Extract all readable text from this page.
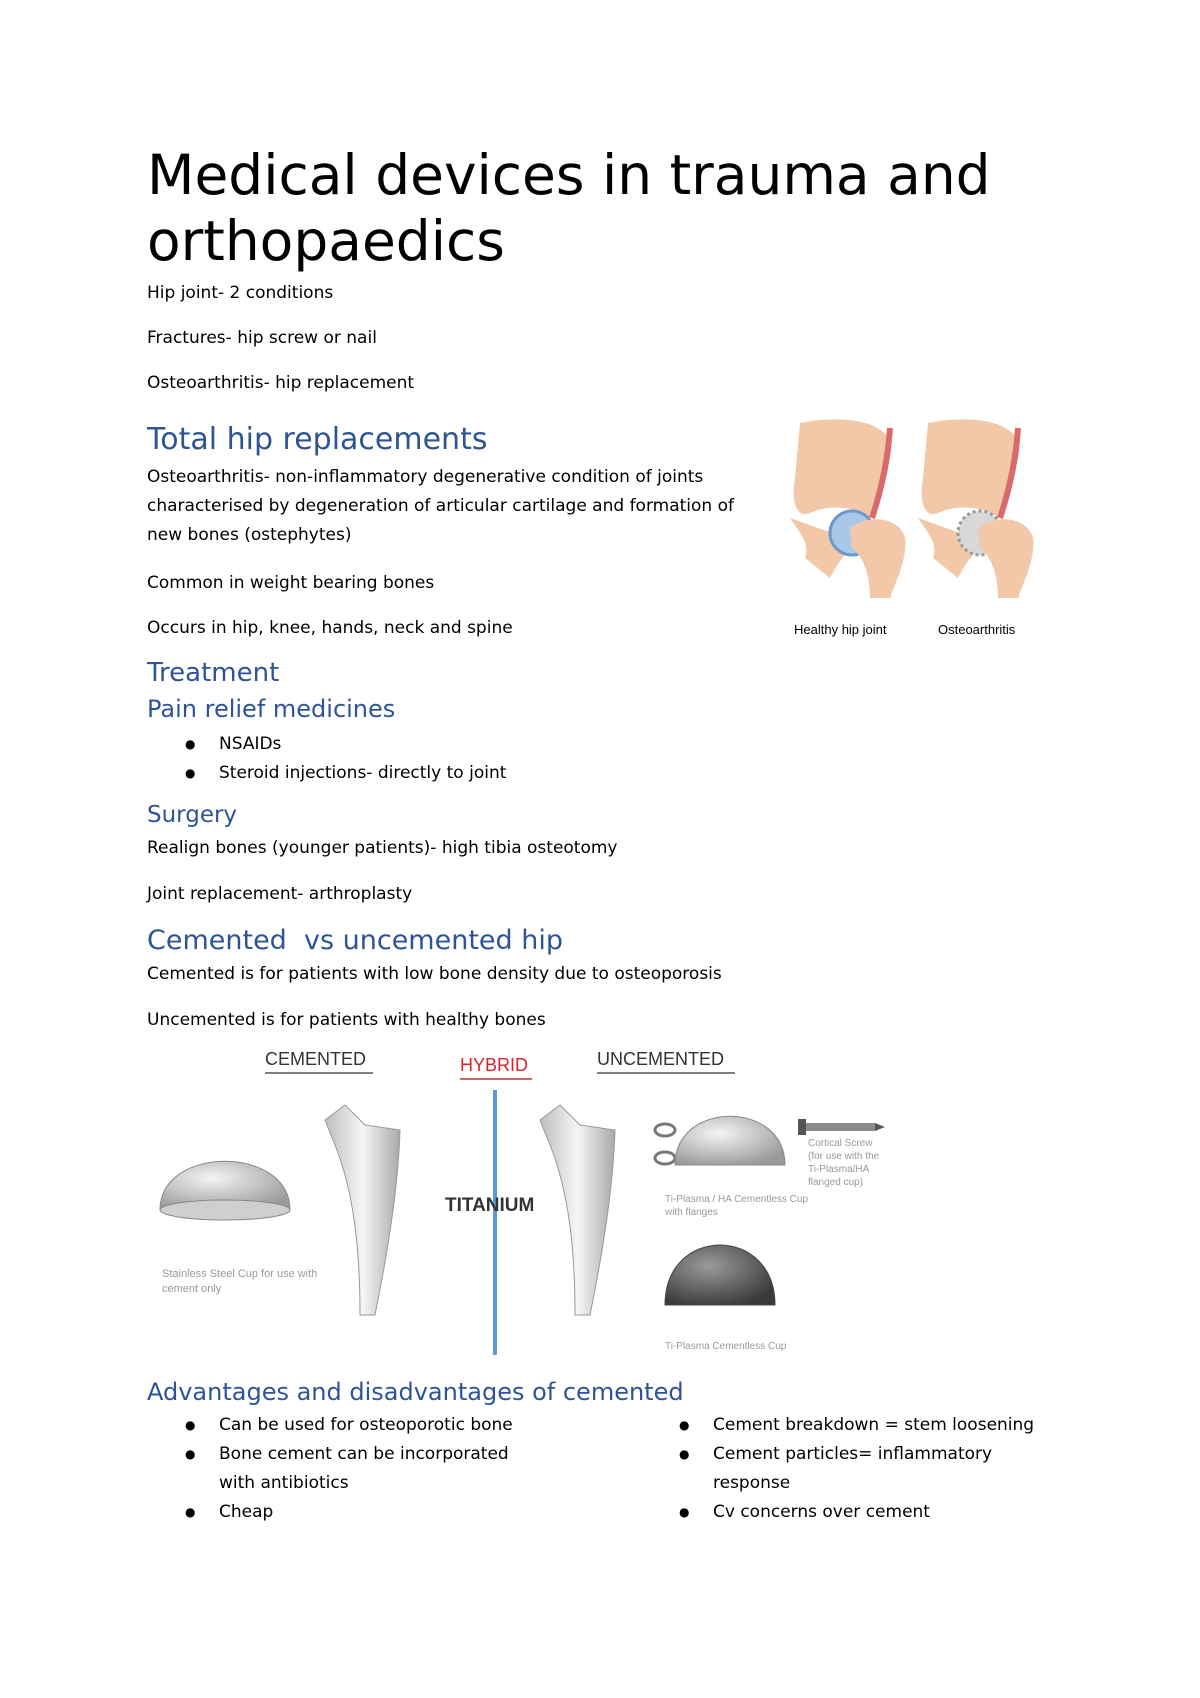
Medical devices in trauma and orthopaedics

Hip joint- 2 conditions

Fractures- hip screw or nail

Osteoarthritis- hip replacement

Total hip replacements

Osteoarthritis- non-inflammatory degenerative condition of joints

characterised by degeneration of articular cartilage and formation of

new bones (ostephytes)

Common in weight bearing bones

Occurs in hip, knee, hands, neck and spine	Healthy hip joint	Osteoarthritis
Treatment
Pain relief medicines
● NSAIDs
● Steroid injections- directly to joint
Surgery

Realign bones (younger patients)- high tibia osteotomy

Joint replacement- arthroplasty

Cemented  vs uncemented hip

Cemented is for patients with low bone density due to osteoporosis

Uncemented is for patients with healthy bones

CEMENTED	HYBRID	UNCEMENTED
TITANIUM
Stainless Steel Cup for use with
cement only
Ti-Plasma / HA Cementless Cup
with flanges
Cortical Screw
(for use with the
Ti-Plasma/HA
flanged cup)
Ti-Plasma Cementless Cup
Advantages and disadvantages of cemented
● Can be used for osteoporotic bone
● Bone cement can be incorporated
with antibiotics
● Cheap
● Cement breakdown = stem loosening
● Cement particles= inflammatory
response
● Cv concerns over cement
